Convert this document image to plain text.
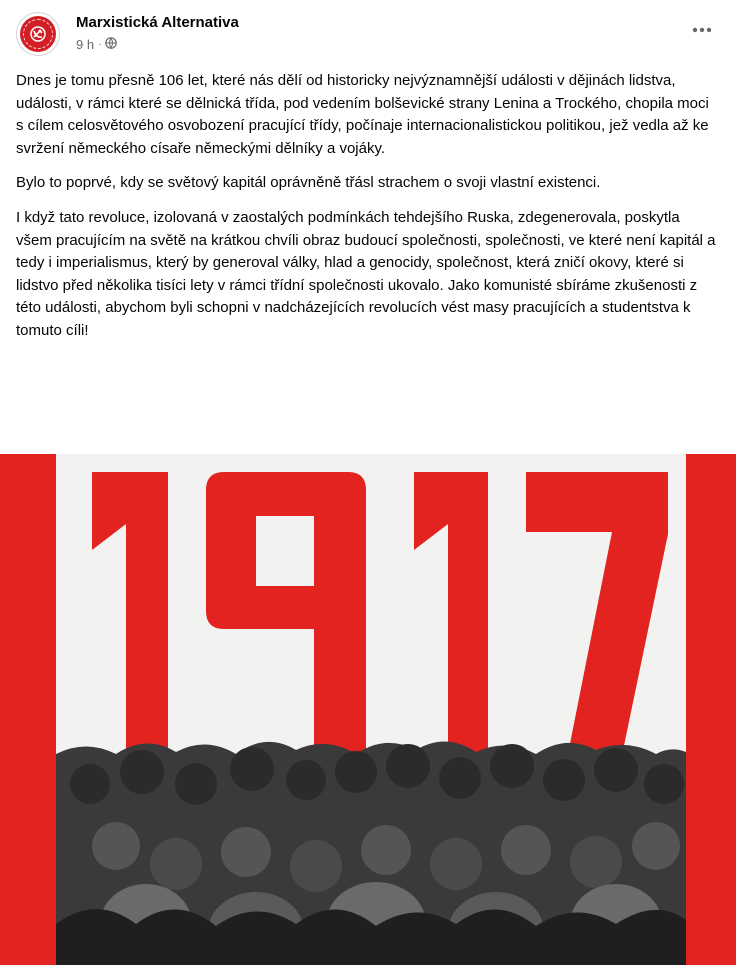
Marxistická Alternativa
9 h ·

Dnes je tomu přesně 106 let, které nás dělí od historicky nejvýznamnější události v dějinách lidstva, události, v rámci které se dělnická třída, pod vedením bolševické strany Lenina a Trockého, chopila moci s cílem celosvětového osvobození pracující třídy, počínaje internacionalistickou politikou, jež vedla až ke svržení německého císaře německými dělníky a vojáky.

Bylo to poprvé, kdy se světový kapitál oprávněně třásl strachem o svoji vlastní existenci.

I když tato revoluce, izolovaná v zaostalých podmínkách tehdejšího Ruska, zdegenerovala, poskytla všem pracujícím na světě na krátkou chvíli obraz budoucí společnosti, společnosti, ve které není kapitál a tedy i imperialismus, který by generoval války, hlad a genocidy, společnost, která zničí okovy, které si lidstvo před několika tisíci lety v rámci třídní společnosti ukovalo. Jako komunisté sbíráme zkušenosti z této události, abychom byli schopni v nadcházejících revolucích vést masy pracujících a studentstva k tomuto cíli!
